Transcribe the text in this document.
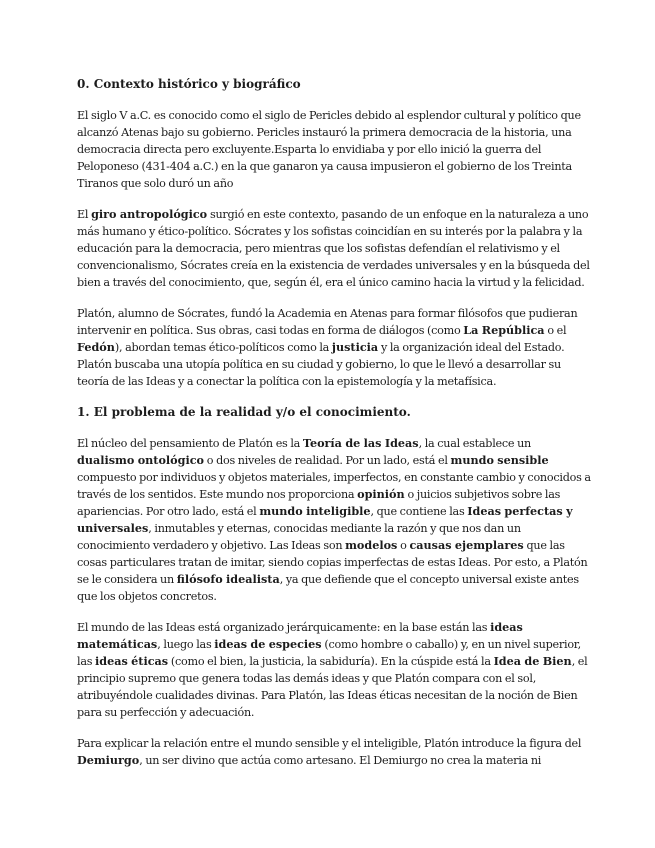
0. Contexto histórico y biográfico

El siglo V a.C. es conocido como el siglo de Pericles debido al esplendor cultural y político que alcanzó Atenas bajo su gobierno. Pericles instauró la primera democracia de la historia, una democracia directa pero excluyente.Esparta lo envidiaba y por ello inició la guerra del Peloponeso (431-404 a.C.) en la que ganaron ya causa impusieron el gobierno de los Treinta Tiranos que solo duró un año

El giro antropológico surgió en este contexto, pasando de un enfoque en la naturaleza a uno más humano y ético-político. Sócrates y los sofistas coincidían en su interés por la palabra y la educación para la democracia, pero mientras que los sofistas defendían el relativismo y el convencionalismo, Sócrates creía en la existencia de verdades universales y en la búsqueda del bien a través del conocimiento, que, según él, era el único camino hacia la virtud y la felicidad.

Platón, alumno de Sócrates, fundó la Academia en Atenas para formar filósofos que pudieran intervenir en política. Sus obras, casi todas en forma de diálogos (como La República o el Fedón), abordan temas ético-políticos como la justicia y la organización ideal del Estado. Platón buscaba una utopía política en su ciudad y gobierno, lo que le llevó a desarrollar su teoría de las Ideas y a conectar la política con la epistemología y la metafísica.

1. El problema de la realidad y/o el conocimiento.

El núcleo del pensamiento de Platón es la Teoría de las Ideas, la cual establece un dualismo ontológico o dos niveles de realidad. Por un lado, está el mundo sensible compuesto por individuos y objetos materiales, imperfectos, en constante cambio y conocidos a través de los sentidos. Este mundo nos proporciona opinión o juicios subjetivos sobre las apariencias. Por otro lado, está el mundo inteligible, que contiene las Ideas perfectas y universales, inmutables y eternas, conocidas mediante la razón y que nos dan un conocimiento verdadero y objetivo. Las Ideas son modelos o causas ejemplares que las cosas particulares tratan de imitar, siendo copias imperfectas de estas Ideas. Por esto, a Platón se le considera un filósofo idealista, ya que defiende que el concepto universal existe antes que los objetos concretos.

El mundo de las Ideas está organizado jerárquicamente: en la base están las ideas matemáticas, luego las ideas de especies (como hombre o caballo) y, en un nivel superior, las ideas éticas (como el bien, la justicia, la sabiduría). En la cúspide está la Idea de Bien, el principio supremo que genera todas las demás ideas y que Platón compara con el sol, atribuyéndole cualidades divinas. Para Platón, las Ideas éticas necesitan de la noción de Bien para su perfección y adecuación.

Para explicar la relación entre el mundo sensible y el inteligible, Platón introduce la figura del Demiurgo, un ser divino que actúa como artesano. El Demiurgo no crea la materia ni
